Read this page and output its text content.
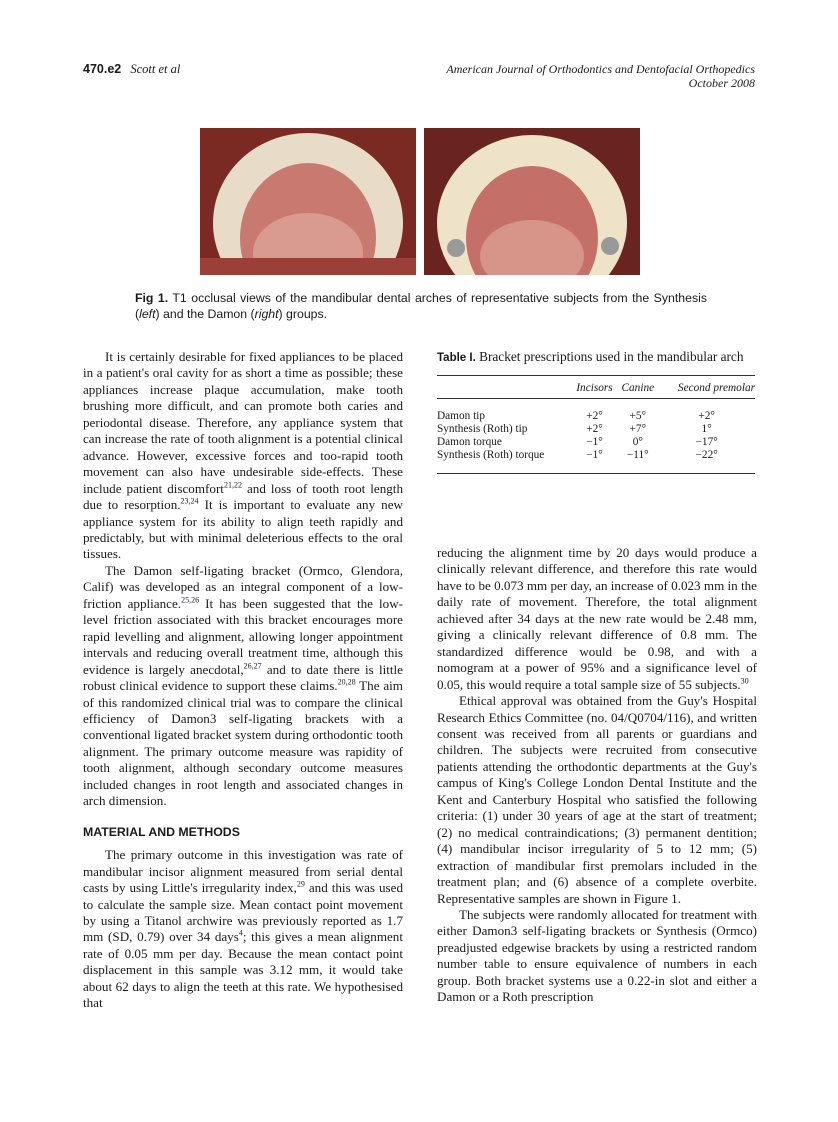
470.e2 Scott et al	American Journal of Orthodontics and Dentofacial Orthopedics
October 2008
Fig 1. T1 occlusal views of the mandibular dental arches of representative subjects from the Synthesis (left) and the Damon (right) groups.

It is certainly desirable for fixed appliances to be placed in a patient's oral cavity for as short a time as possible; these appliances increase plaque accumulation, make tooth brushing more difficult, and can promote both caries and periodontal disease. Therefore, any appliance system that can increase the rate of tooth alignment is a potential clinical advance. However, excessive forces and too-rapid tooth movement can also have undesirable side-effects. These include patient discomfort$^{21,22}$ and loss of tooth root length due to resorption.$^{23,24}$ It is important to evaluate any new appliance system for its ability to align teeth rapidly and predictably, but with minimal deleterious effects to the oral tissues.

The Damon self-ligating bracket (Ormco, Glendora, Calif) was developed as an integral component of a low-friction appliance.$^{25,26}$ It has been suggested that the low-level friction associated with this bracket encourages more rapid levelling and alignment, allowing longer appointment intervals and reducing overall treatment time, although this evidence is largely anecdotal,$^{26,27}$ and to date there is little robust clinical evidence to support these claims.$^{20,28}$ The aim of this randomized clinical trial was to compare the clinical efficiency of Damon3 self-ligating brackets with a conventional ligated bracket system during orthodontic tooth alignment. The primary outcome measure was rapidity of tooth alignment, although secondary outcome measures included changes in root length and associated changes in arch dimension.

MATERIAL AND METHODS

The primary outcome in this investigation was rate of mandibular incisor alignment measured from serial dental casts by using Little's irregularity index,$^{29}$ and this was used to calculate the sample size. Mean contact point movement by using a Titanol archwire was previously reported as 1.7 mm (SD, 0.79) over 34 days$^4$; this gives a mean alignment rate of 0.05 mm per day. Because the mean contact point displacement in this sample was 3.12 mm, it would take about 62 days to align the teeth at this rate. We hypothesised that

Table I. Bracket prescriptions used in the mandibular arch
	Incisors	Canine	Second premolar
Damon tip	+2°	+5°	+2°
Synthesis (Roth) tip	+2°	+7°	1°
Damon torque	−1°	0°	−17°
Synthesis (Roth) torque	−1°	−11°	−22°

reducing the alignment time by 20 days would produce a clinically relevant difference, and therefore this rate would have to be 0.073 mm per day, an increase of 0.023 mm in the daily rate of movement. Therefore, the total alignment achieved after 34 days at the new rate would be 2.48 mm, giving a clinically relevant difference of 0.8 mm. The standardized difference would be 0.98, and with a nomogram at a power of 95% and a significance level of 0.05, this would require a total sample size of 55 subjects.$^{30}$

Ethical approval was obtained from the Guy's Hospital Research Ethics Committee (no. 04/Q0704/116), and written consent was received from all parents or guardians and children. The subjects were recruited from consecutive patients attending the orthodontic departments at the Guy's campus of King's College London Dental Institute and the Kent and Canterbury Hospital who satisfied the following criteria: (1) under 30 years of age at the start of treatment; (2) no medical contraindications; (3) permanent dentition; (4) mandibular incisor irregularity of 5 to 12 mm; (5) extraction of mandibular first premolars included in the treatment plan; and (6) absence of a complete overbite. Representative samples are shown in Figure 1.

The subjects were randomly allocated for treatment with either Damon3 self-ligating brackets or Synthesis (Ormco) preadjusted edgewise brackets by using a restricted random number table to ensure equivalence of numbers in each group. Both bracket systems use a 0.22-in slot and either a Damon or a Roth prescription
